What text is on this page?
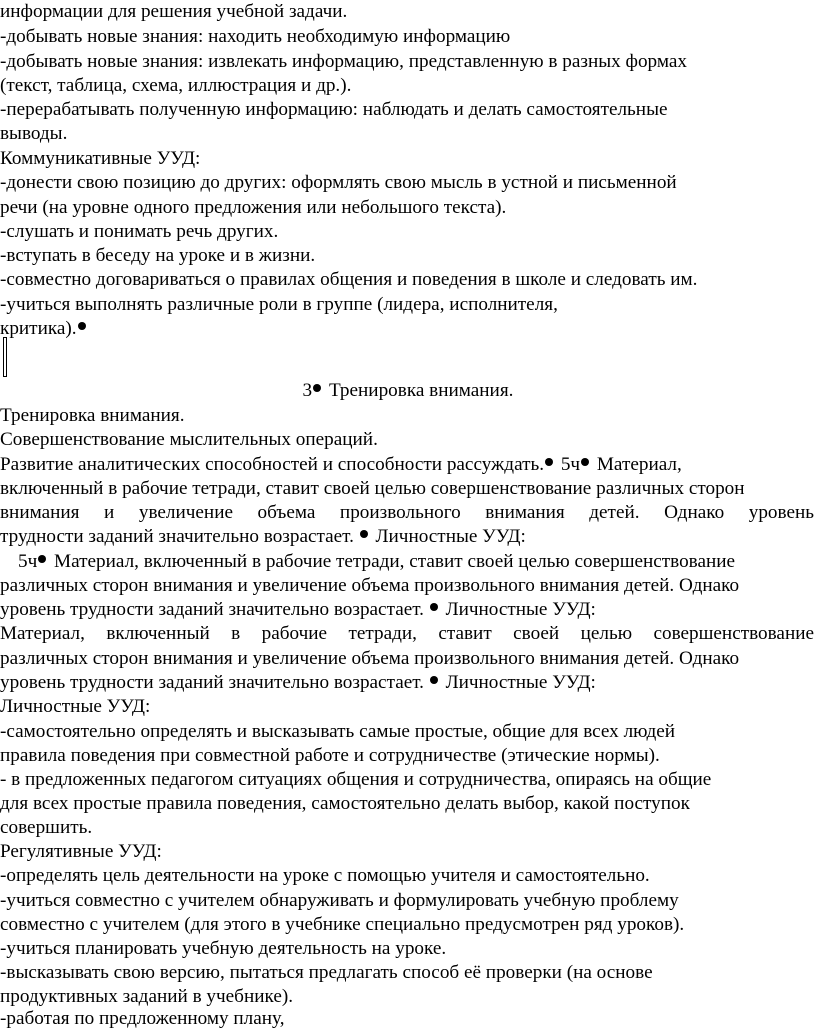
информации для решения учебной задачи.
-добывать новые знания: находить необходимую информацию
-добывать новые знания: извлекать информацию, представленную в разных формах
(текст, таблица, схема, иллюстрация и др.).
-перерабатывать полученную информацию: наблюдать и делать самостоятельные
выводы.
Коммуникативные УУД:
-донести свою позицию до других: оформлять свою мысль в устной и письменной
речи (на уровне одного предложения или небольшого текста).
-слушать и понимать речь других.
-вступать в беседу на уроке и в жизни.
-совместно договариваться о правилах общения и поведения в школе и следовать им.
-учиться выполнять различные роли в группе (лидера, исполнителя,
критика).
3 Тренировка внимания.
Тренировка внимания.
Совершенствование мыслительных операций.
Развитие аналитических способностей и способности рассуждать. 5ч Материал,
включенный в рабочие тетради, ставит своей целью совершенствование различных сторон
внимания и увеличение объема произвольного внимания детей. Однако уровень
трудности заданий значительно возрастает. Личностные УУД:
5ч Материал, включенный в рабочие тетради, ставит своей целью совершенствование
различных сторон внимания и увеличение объема произвольного внимания детей. Однако
уровень трудности заданий значительно возрастает. Личностные УУД:
Материал, включенный в рабочие тетради, ставит своей целью совершенствование
различных сторон внимания и увеличение объема произвольного внимания детей. Однако
уровень трудности заданий значительно возрастает. Личностные УУД:
Личностные УУД:
-самостоятельно определять и высказывать самые простые, общие для всех людей
правила поведения при совместной работе и сотрудничестве (этические нормы).
- в предложенных педагогом ситуациях общения и сотрудничества, опираясь на общие
для всех простые правила поведения, самостоятельно делать выбор, какой поступок
совершить.
Регулятивные УУД:
-определять цель деятельности на уроке с помощью учителя и самостоятельно.
-учиться совместно с учителем обнаруживать и формулировать учебную проблему
совместно с учителем (для этого в учебнике специально предусмотрен ряд уроков).
-учиться планировать учебную деятельность на уроке.
-высказывать свою версию, пытаться предлагать способ её проверки (на основе
продуктивных заданий в учебнике).
-работая по предложенному плану,
